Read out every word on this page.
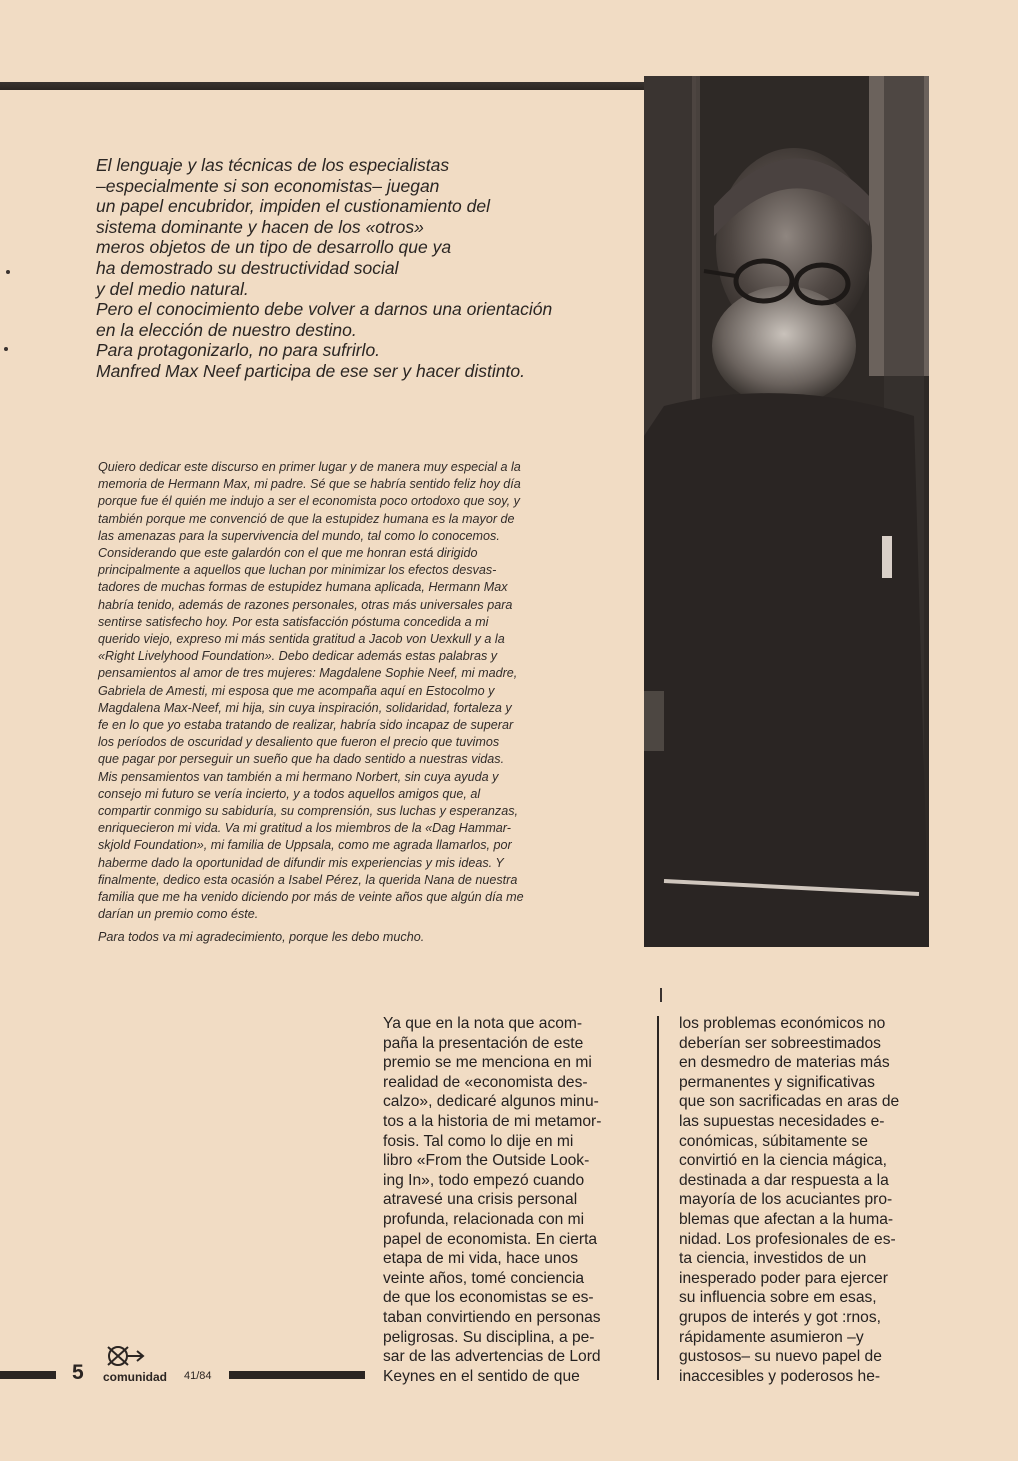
El lenguaje y las técnicas de los especialistas
–especialmente si son economistas– juegan
un papel encubridor, impiden el custionamiento del
sistema dominante y hacen de los «otros»
meros objetos de un tipo de desarrollo que ya
ha demostrado su destructividad social
y del medio natural.
Pero el conocimiento debe volver a darnos una orientación
en la elección de nuestro destino.
Para protagonizarlo, no para sufrirlo.
Manfred Max Neef participa de ese ser y hacer distinto.
Quiero dedicar este discurso en primer lugar y de manera muy especial a la
memoria de Hermann Max, mi padre. Sé que se habría sentido feliz hoy día
porque fue él quién me indujo a ser el economista poco ortodoxo que soy, y
también porque me convenció de que la estupidez humana es la mayor de
las amenazas para la supervivencia del mundo, tal como lo conocemos.
Considerando que este galardón con el que me honran está dirigido
principalmente a aquellos que luchan por minimizar los efectos desvas-
tadores de muchas formas de estupidez humana aplicada, Hermann Max
habría tenido, además de razones personales, otras más universales para
sentirse satisfecho hoy. Por esta satisfacción póstuma concedida a mi
querido viejo, expreso mi más sentida gratitud a Jacob von Uexkull y a la
«Right Livelyhood Foundation». Debo dedicar además estas palabras y
pensamientos al amor de tres mujeres: Magdalene Sophie Neef, mi madre,
Gabriela de Amesti, mi esposa que me acompaña aquí en Estocolmo y
Magdalena Max-Neef, mi hija, sin cuya inspiración, solidaridad, fortaleza y
fe en lo que yo estaba tratando de realizar, habría sido incapaz de superar
los períodos de oscuridad y desaliento que fueron el precio que tuvimos
que pagar por perseguir un sueño que ha dado sentido a nuestras vidas.
Mis pensamientos van también a mi hermano Norbert, sin cuya ayuda y
consejo mi futuro se vería incierto, y a todos aquellos amigos que, al
compartir conmigo su sabiduría, su comprensión, sus luchas y esperanzas,
enriquecieron mi vida. Va mi gratitud a los miembros de la «Dag Hammar-
skjold Foundation», mi familia de Uppsala, como me agrada llamarlos, por
haberme dado la oportunidad de difundir mis experiencias y mis ideas. Y
finalmente, dedico esta ocasión a Isabel Pérez, la querida Nana de nuestra
familia que me ha venido diciendo por más de veinte años que algún día me
darían un premio como éste.
Para todos va mi agradecimiento, porque les debo mucho.
Ya que en la nota que acom-
paña la presentación de este
premio se me menciona en mi
realidad de «economista des-
calzo», dedicaré algunos minu-
tos a la historia de mi metamor-
fosis. Tal como lo dije en mi
libro «From the Outside Look-
ing In», todo empezó cuando
atravesé una crisis personal
profunda, relacionada con mi
papel de economista. En cierta
etapa de mi vida, hace unos
veinte años, tomé conciencia
de que los economistas se es-
taban convirtiendo en personas
peligrosas. Su disciplina, a pe-
sar de las advertencias de Lord
Keynes en el sentido de que
los problemas económicos no
deberían ser sobreestimados
en desmedro de materias más
permanentes y significativas
que son sacrificadas en aras de
las supuestas necesidades e-
conómicas, súbitamente se
convirtió en la ciencia mágica,
destinada a dar respuesta a la
mayoría de los acuciantes pro-
blemas que afectan a la huma-
nidad. Los profesionales de es-
ta ciencia, investidos de un
inesperado poder para ejercer
su influencia sobre em esas,
grupos de interés y got :rnos,
rápidamente asumieron –y
gustosos– su nuevo papel de
inaccesibles y poderosos he-
5 comunidad 41/84
